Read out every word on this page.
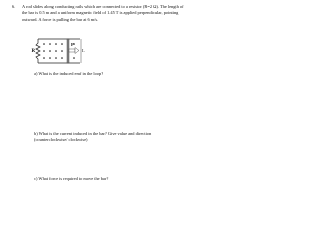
6.	A rod slides along conducting rails which are connected to a resistor (R=2 Ω). The length of the bar is 0.5 m and a uniform magnetic field of 1.45 T is applied perpendicular, pointing outward. A force is pulling the bar at 6 m/s.
R
F
L
a) What is the induced emf in the loop?
b) What is the current induced in the bar? Give value and direction (counterclockwise/ clockwise)
c) What force is required to move the bar?
